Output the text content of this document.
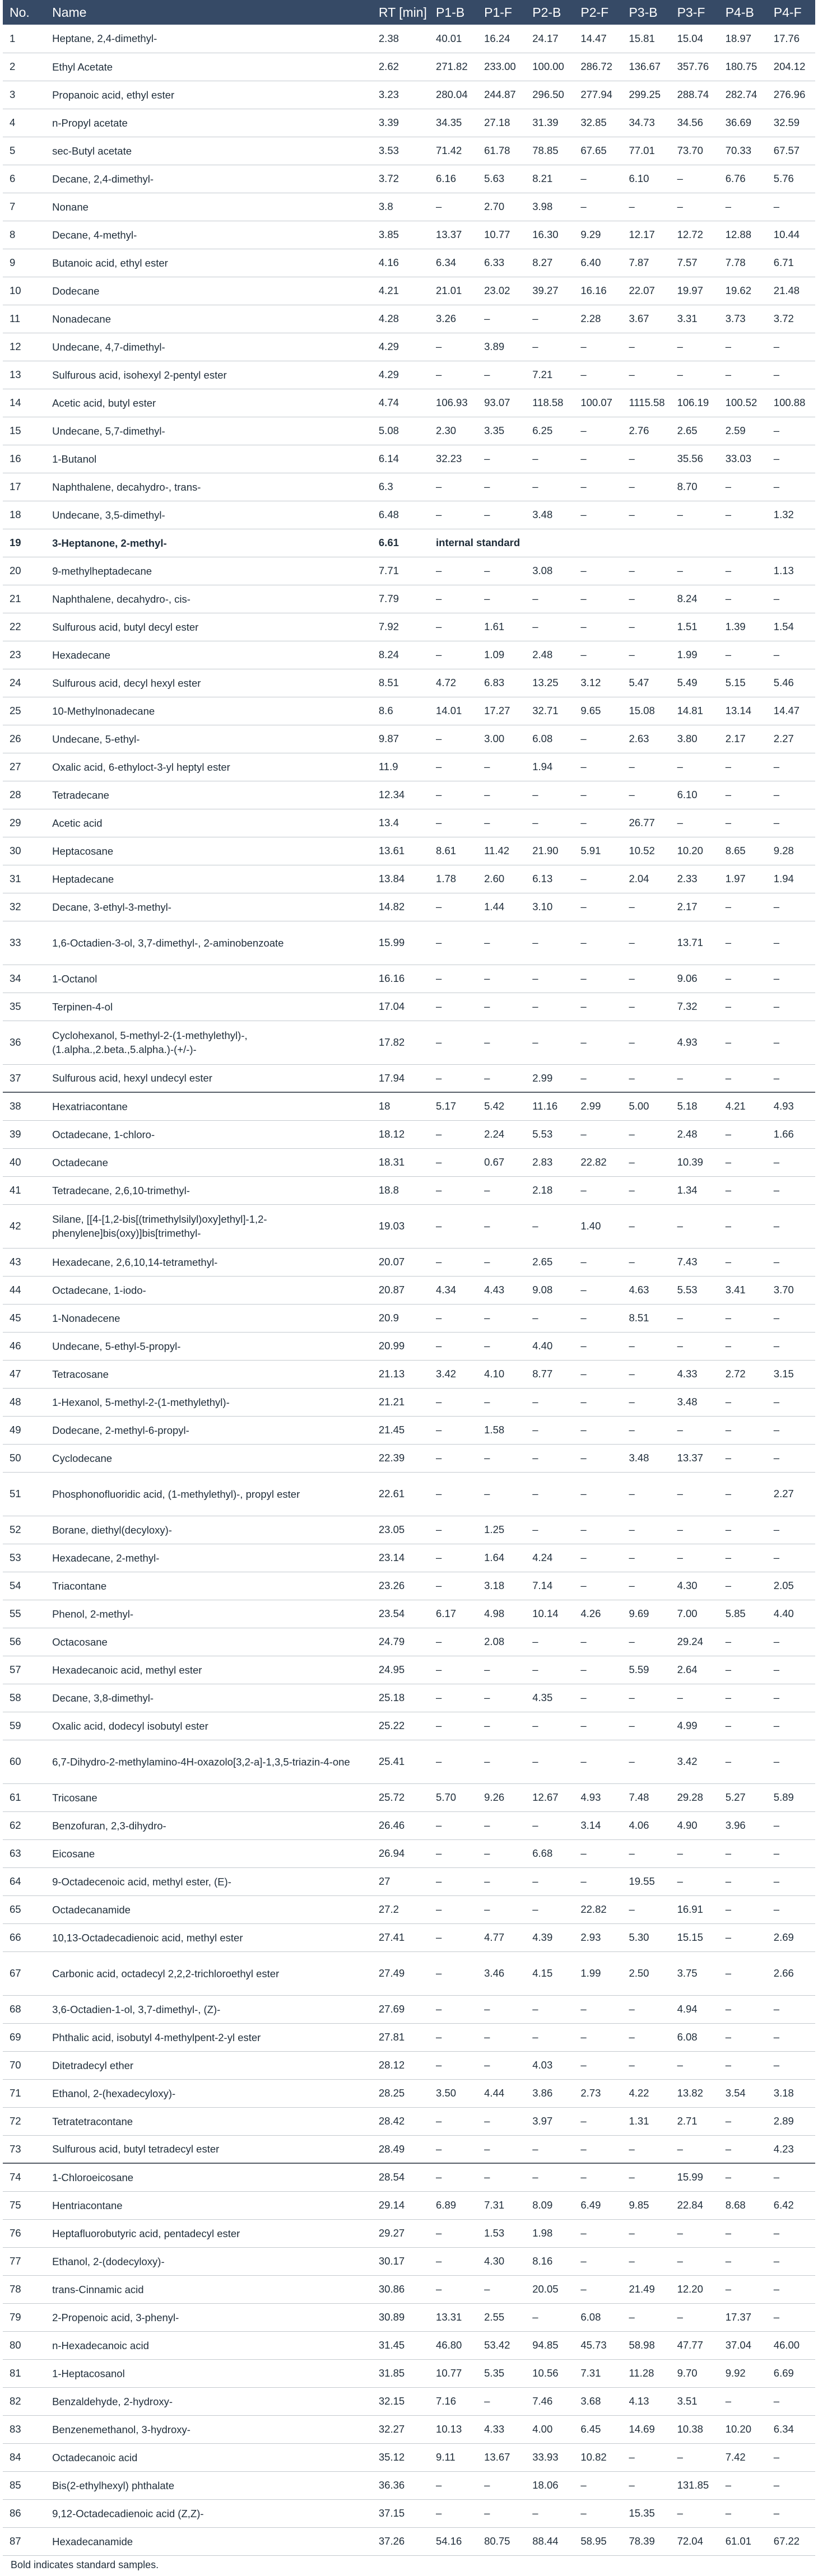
No.	Name	RT [min]	P1-B	P1-F	P2-B	P2-F	P3-B	P3-F	P4-B	P4-F
1	Heptane, 2,4-dimethyl-	2.38	40.01	16.24	24.17	14.47	15.81	15.04	18.97	17.76
2	Ethyl Acetate	2.62	271.82	233.00	100.00	286.72	136.67	357.76	180.75	204.12
3	Propanoic acid, ethyl ester	3.23	280.04	244.87	296.50	277.94	299.25	288.74	282.74	276.96
4	n-Propyl acetate	3.39	34.35	27.18	31.39	32.85	34.73	34.56	36.69	32.59
5	sec-Butyl acetate	3.53	71.42	61.78	78.85	67.65	77.01	73.70	70.33	67.57
6	Decane, 2,4-dimethyl-	3.72	6.16	5.63	8.21	–	6.10	–	6.76	5.76
7	Nonane	3.8	–	2.70	3.98	–	–	–	–	–
8	Decane, 4-methyl-	3.85	13.37	10.77	16.30	9.29	12.17	12.72	12.88	10.44
9	Butanoic acid, ethyl ester	4.16	6.34	6.33	8.27	6.40	7.87	7.57	7.78	6.71
10	Dodecane	4.21	21.01	23.02	39.27	16.16	22.07	19.97	19.62	21.48
11	Nonadecane	4.28	3.26	–	–	2.28	3.67	3.31	3.73	3.72
12	Undecane, 4,7-dimethyl-	4.29	–	3.89	–	–	–	–	–	–
13	Sulfurous acid, isohexyl 2-pentyl ester	4.29	–	–	7.21	–	–	–	–	–
14	Acetic acid, butyl ester	4.74	106.93	93.07	118.58	100.07	1115.58	106.19	100.52	100.88
15	Undecane, 5,7-dimethyl-	5.08	2.30	3.35	6.25	–	2.76	2.65	2.59	–
16	1-Butanol	6.14	32.23	–	–	–	–	35.56	33.03	–
17	Naphthalene, decahydro-, trans-	6.3	–	–	–	–	–	8.70	–	–
18	Undecane, 3,5-dimethyl-	6.48	–	–	3.48	–	–	–	–	1.32
19	3-Heptanone, 2-methyl-	6.61	internal standard							
20	9-methylheptadecane	7.71	–	–	3.08	–	–	–	–	1.13
21	Naphthalene, decahydro-, cis-	7.79	–	–	–	–	–	8.24	–	–
22	Sulfurous acid, butyl decyl ester	7.92	–	1.61	–	–	–	1.51	1.39	1.54
23	Hexadecane	8.24	–	1.09	2.48	–	–	1.99	–	–
24	Sulfurous acid, decyl hexyl ester	8.51	4.72	6.83	13.25	3.12	5.47	5.49	5.15	5.46
25	10-Methylnonadecane	8.6	14.01	17.27	32.71	9.65	15.08	14.81	13.14	14.47
26	Undecane, 5-ethyl-	9.87	–	3.00	6.08	–	2.63	3.80	2.17	2.27
27	Oxalic acid, 6-ethyloct-3-yl heptyl ester	11.9	–	–	1.94	–	–	–	–	–
28	Tetradecane	12.34	–	–	–	–	–	6.10	–	–
29	Acetic acid	13.4	–	–	–	–	26.77	–	–	–
30	Heptacosane	13.61	8.61	11.42	21.90	5.91	10.52	10.20	8.65	9.28
31	Heptadecane	13.84	1.78	2.60	6.13	–	2.04	2.33	1.97	1.94
32	Decane, 3-ethyl-3-methyl-	14.82	–	1.44	3.10	–	–	2.17	–	–
33	1,6-Octadien-3-ol, 3,7-dimethyl-, 2-aminobenzoate	15.99	–	–	–	–	–	13.71	–	–
34	1-Octanol	16.16	–	–	–	–	–	9.06	–	–
35	Terpinen-4-ol	17.04	–	–	–	–	–	7.32	–	–
36	Cyclohexanol, 5-methyl-2-(1-methylethyl)-, (1.alpha.,2.beta.,5.alpha.)-(+/-)-	17.82	–	–	–	–	–	4.93	–	–
37	Sulfurous acid, hexyl undecyl ester	17.94	–	–	2.99	–	–	–	–	–
38	Hexatriacontane	18	5.17	5.42	11.16	2.99	5.00	5.18	4.21	4.93
39	Octadecane, 1-chloro-	18.12	–	2.24	5.53	–	–	2.48	–	1.66
40	Octadecane	18.31	–	0.67	2.83	22.82	–	10.39	–	–
41	Tetradecane, 2,6,10-trimethyl-	18.8	–	–	2.18	–	–	1.34	–	–
42	Silane, [[4-[1,2-bis[(trimethylsilyl)oxy]ethyl]-1,2-phenylene]bis(oxy)]bis[trimethyl-	19.03	–	–	–	1.40	–	–	–	–
43	Hexadecane, 2,6,10,14-tetramethyl-	20.07	–	–	2.65	–	–	7.43	–	–
44	Octadecane, 1-iodo-	20.87	4.34	4.43	9.08	–	4.63	5.53	3.41	3.70
45	1-Nonadecene	20.9	–	–	–	–	8.51	–	–	–
46	Undecane, 5-ethyl-5-propyl-	20.99	–	–	4.40	–	–	–	–	–
47	Tetracosane	21.13	3.42	4.10	8.77	–	–	4.33	2.72	3.15
48	1-Hexanol, 5-methyl-2-(1-methylethyl)-	21.21	–	–	–	–	–	3.48	–	–
49	Dodecane, 2-methyl-6-propyl-	21.45	–	1.58	–	–	–	–	–	–
50	Cyclodecane	22.39	–	–	–	–	3.48	13.37	–	–
51	Phosphonofluoridic acid, (1-methylethyl)-, propyl ester	22.61	–	–	–	–	–	–	–	2.27
52	Borane, diethyl(decyloxy)-	23.05	–	1.25	–	–	–	–	–	–
53	Hexadecane, 2-methyl-	23.14	–	1.64	4.24	–	–	–	–	–
54	Triacontane	23.26	–	3.18	7.14	–	–	4.30	–	2.05
55	Phenol, 2-methyl-	23.54	6.17	4.98	10.14	4.26	9.69	7.00	5.85	4.40
56	Octacosane	24.79	–	2.08	–	–	–	29.24	–	–
57	Hexadecanoic acid, methyl ester	24.95	–	–	–	–	5.59	2.64	–	–
58	Decane, 3,8-dimethyl-	25.18	–	–	4.35	–	–	–	–	–
59	Oxalic acid, dodecyl isobutyl ester	25.22	–	–	–	–	–	4.99	–	–
60	6,7-Dihydro-2-methylamino-4H-oxazolo[3,2-a]-1,3,5-triazin-4-one	25.41	–	–	–	–	–	3.42	–	–
61	Tricosane	25.72	5.70	9.26	12.67	4.93	7.48	29.28	5.27	5.89
62	Benzofuran, 2,3-dihydro-	26.46	–	–	–	3.14	4.06	4.90	3.96	–
63	Eicosane	26.94	–	–	6.68	–	–	–	–	–
64	9-Octadecenoic acid, methyl ester, (E)-	27	–	–	–	–	19.55	–	–	–
65	Octadecanamide	27.2	–	–	–	22.82	–	16.91	–	–
66	10,13-Octadecadienoic acid, methyl ester	27.41	–	4.77	4.39	2.93	5.30	15.15	–	2.69
67	Carbonic acid, octadecyl 2,2,2-trichloroethyl ester	27.49	–	3.46	4.15	1.99	2.50	3.75	–	2.66
68	3,6-Octadien-1-ol, 3,7-dimethyl-, (Z)-	27.69	–	–	–	–	–	4.94	–	–
69	Phthalic acid, isobutyl 4-methylpent-2-yl ester	27.81	–	–	–	–	–	6.08	–	–
70	Ditetradecyl ether	28.12	–	–	4.03	–	–	–	–	–
71	Ethanol, 2-(hexadecyloxy)-	28.25	3.50	4.44	3.86	2.73	4.22	13.82	3.54	3.18
72	Tetratetracontane	28.42	–	–	3.97	–	1.31	2.71	–	2.89
73	Sulfurous acid, butyl tetradecyl ester	28.49	–	–	–	–	–	–	–	4.23
74	1-Chloroeicosane	28.54	–	–	–	–	–	15.99	–	–
75	Hentriacontane	29.14	6.89	7.31	8.09	6.49	9.85	22.84	8.68	6.42
76	Heptafluorobutyric acid, pentadecyl ester	29.27	–	1.53	1.98	–	–	–	–	–
77	Ethanol, 2-(dodecyloxy)-	30.17	–	4.30	8.16	–	–	–	–	–
78	trans-Cinnamic acid	30.86	–	–	20.05	–	21.49	12.20	–	–
79	2-Propenoic acid, 3-phenyl-	30.89	13.31	2.55	–	6.08	–	–	17.37	–
80	n-Hexadecanoic acid	31.45	46.80	53.42	94.85	45.73	58.98	47.77	37.04	46.00
81	1-Heptacosanol	31.85	10.77	5.35	10.56	7.31	11.28	9.70	9.92	6.69
82	Benzaldehyde, 2-hydroxy-	32.15	7.16	–	7.46	3.68	4.13	3.51	–	–
83	Benzenemethanol, 3-hydroxy-	32.27	10.13	4.33	4.00	6.45	14.69	10.38	10.20	6.34
84	Octadecanoic acid	35.12	9.11	13.67	33.93	10.82	–	–	7.42	–
85	Bis(2-ethylhexyl) phthalate	36.36	–	–	18.06	–	–	131.85	–	–
86	9,12-Octadecadienoic acid (Z,Z)-	37.15	–	–	–	–	15.35	–	–	–
87	Hexadecanamide	37.26	54.16	80.75	88.44	58.95	78.39	72.04	61.01	67.22
Bold indicates standard samples.
